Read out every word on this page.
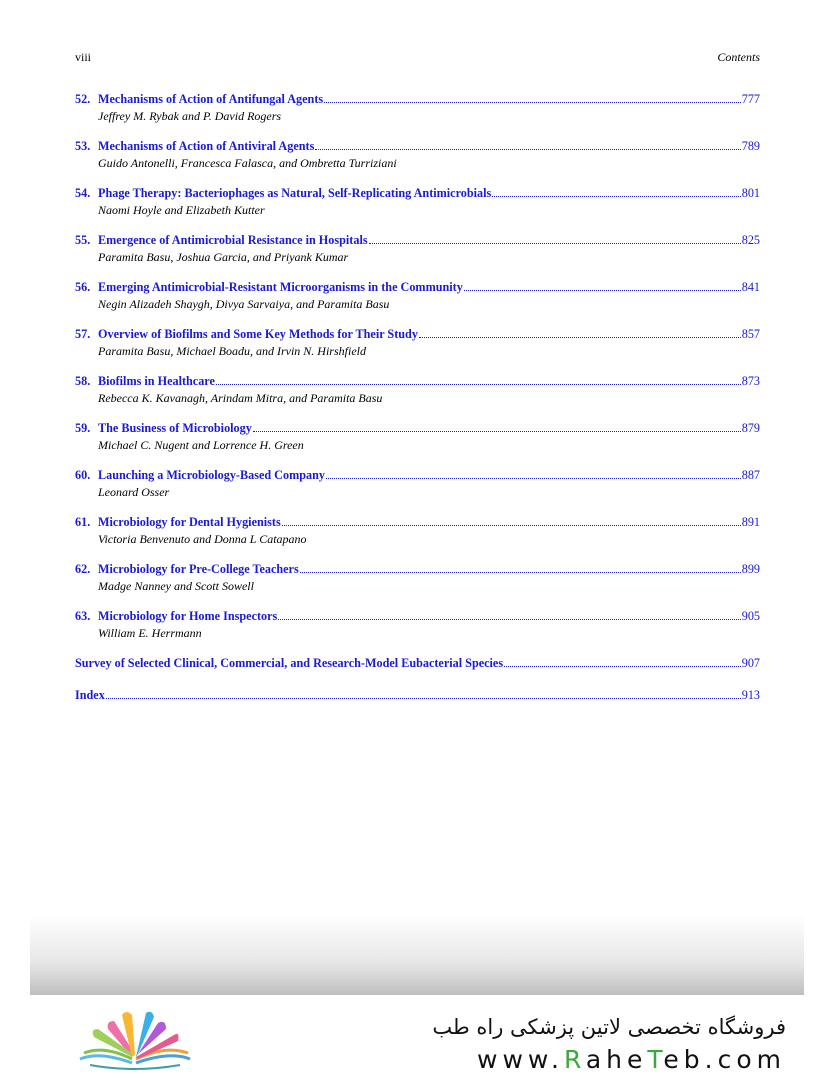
viii	Contents
52. Mechanisms of Action of Antifungal Agents	777
Jeffrey M. Rybak and P. David Rogers
53. Mechanisms of Action of Antiviral Agents	789
Guido Antonelli, Francesca Falasca, and Ombretta Turriziani
54. Phage Therapy: Bacteriophages as Natural, Self-Replicating Antimicrobials	801
Naomi Hoyle and Elizabeth Kutter
55. Emergence of Antimicrobial Resistance in Hospitals	825
Paramita Basu, Joshua Garcia, and Priyank Kumar
56. Emerging Antimicrobial-Resistant Microorganisms in the Community	841
Negin Alizadeh Shaygh, Divya Sarvaiya, and Paramita Basu
57. Overview of Biofilms and Some Key Methods for Their Study	857
Paramita Basu, Michael Boadu, and Irvin N. Hirshfield
58. Biofilms in Healthcare	873
Rebecca K. Kavanagh, Arindam Mitra, and Paramita Basu
59. The Business of Microbiology	879
Michael C. Nugent and Lorrence H. Green
60. Launching a Microbiology-Based Company	887
Leonard Osser
61. Microbiology for Dental Hygienists	891
Victoria Benvenuto and Donna L Catapano
62. Microbiology for Pre-College Teachers	899
Madge Nanney and Scott Sowell
63. Microbiology for Home Inspectors	905
William E. Herrmann
Survey of Selected Clinical, Commercial, and Research-Model Eubacterial Species	907
Index	913
فروشگاه تخصصی لاتین پزشکی راه طب
www.RaheTeb.com
